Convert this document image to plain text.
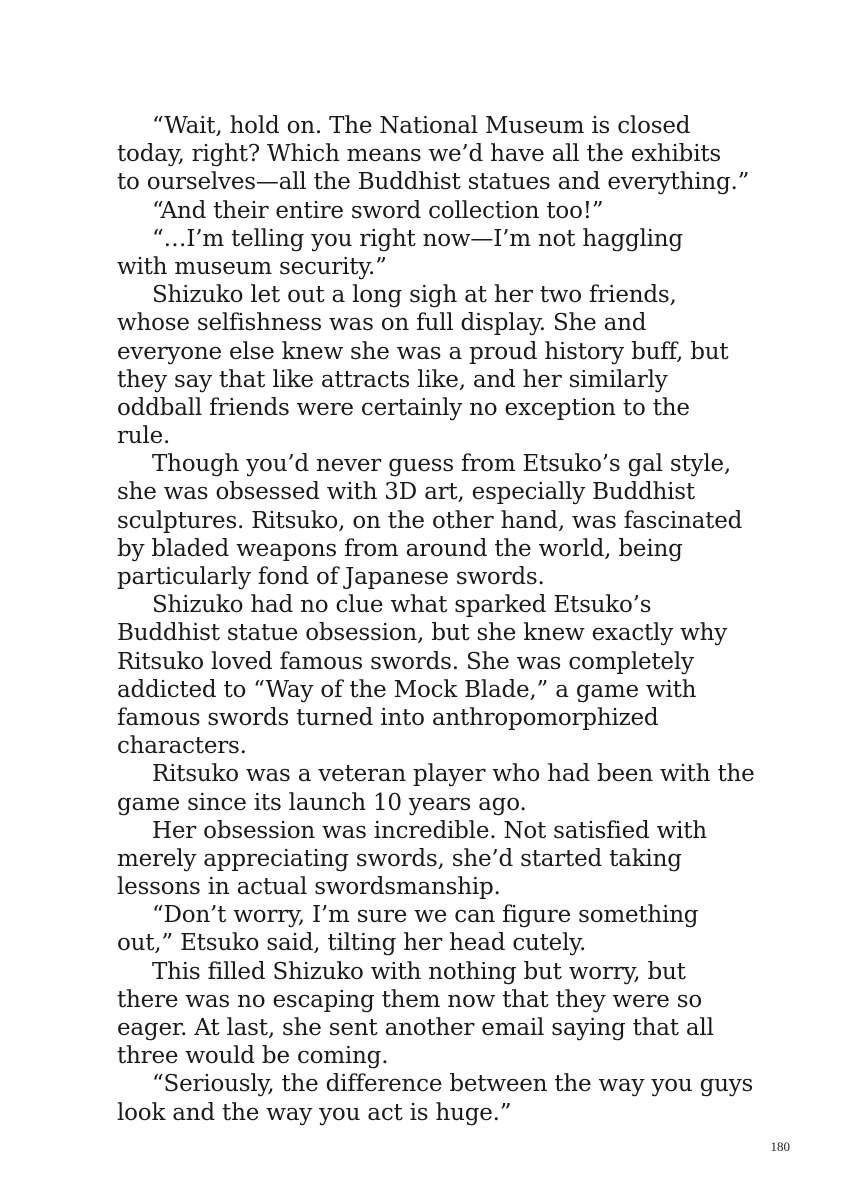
“Wait, hold on. The National Museum is closed
today, right? Which means we’d have all the exhibits
to ourselves—all the Buddhist statues and everything.”
“And their entire sword collection too!”
“…I’m telling you right now—I’m not haggling
with museum security.”
Shizuko let out a long sigh at her two friends,
whose selfishness was on full display. She and
everyone else knew she was a proud history buff, but
they say that like attracts like, and her similarly
oddball friends were certainly no exception to the
rule.
Though you’d never guess from Etsuko’s gal style,
she was obsessed with 3D art, especially Buddhist
sculptures. Ritsuko, on the other hand, was fascinated
by bladed weapons from around the world, being
particularly fond of Japanese swords.
Shizuko had no clue what sparked Etsuko’s
Buddhist statue obsession, but she knew exactly why
Ritsuko loved famous swords. She was completely
addicted to “Way of the Mock Blade,” a game with
famous swords turned into anthropomorphized
characters.
Ritsuko was a veteran player who had been with the
game since its launch 10 years ago.
Her obsession was incredible. Not satisfied with
merely appreciating swords, she’d started taking
lessons in actual swordsmanship.
“Don’t worry, I’m sure we can figure something
out,” Etsuko said, tilting her head cutely.
This filled Shizuko with nothing but worry, but
there was no escaping them now that they were so
eager. At last, she sent another email saying that all
three would be coming.
“Seriously, the difference between the way you guys
look and the way you act is huge.”
180
